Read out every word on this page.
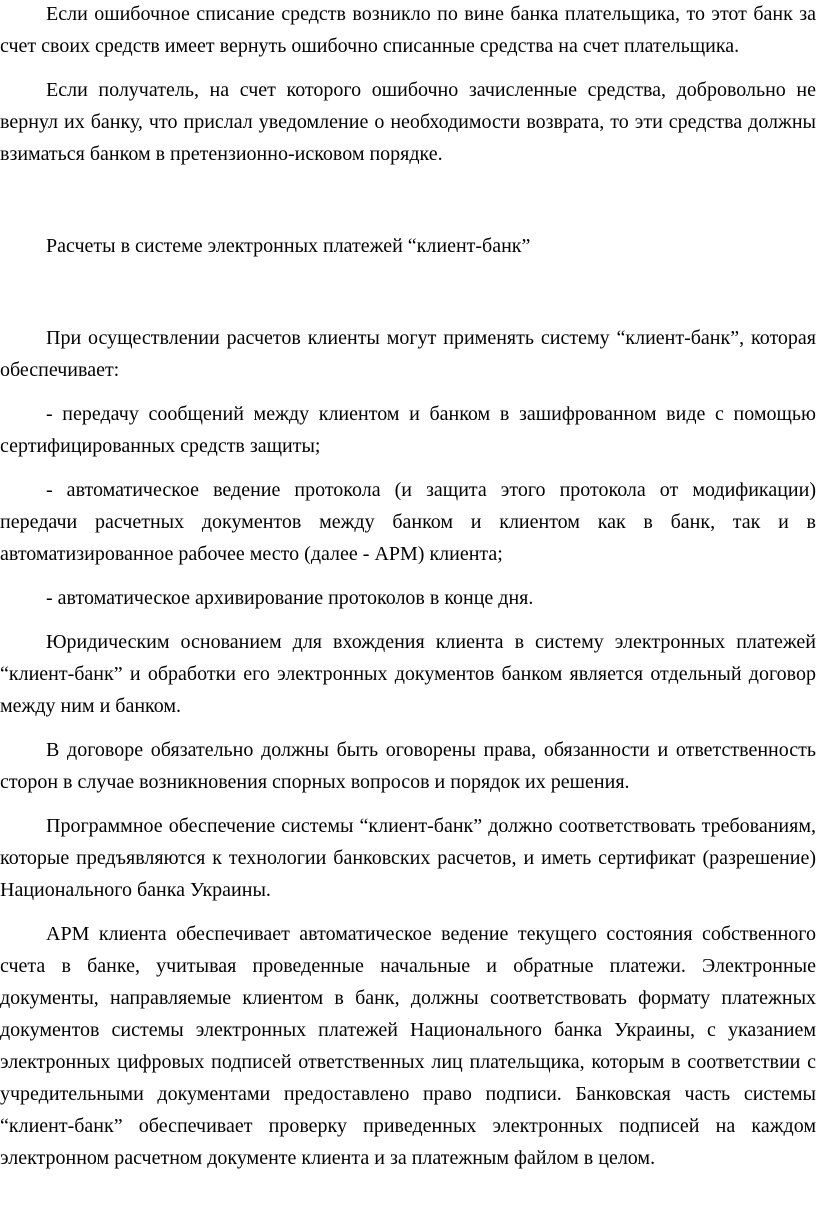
Если ошибочное списание средств возникло по вине банка плательщика, то этот банк за счет своих средств имеет вернуть ошибочно списанные средства на счет плательщика.

Если получатель, на счет которого ошибочно зачисленные средства, добровольно не вернул их банку, что прислал уведомление о необходимости возврата, то эти средства должны взиматься банком в претензионно-исковом порядке.

Расчеты в системе электронных платежей “клиент-банк”

При осуществлении расчетов клиенты могут применять систему “клиент-банк”, которая обеспечивает:

- передачу сообщений между клиентом и банком в зашифрованном виде с помощью сертифицированных средств защиты;

- автоматическое ведение протокола (и защита этого протокола от модификации) передачи расчетных документов между банком и клиентом как в банк, так и в автоматизированное рабочее место (далее - АРМ) клиента;

- автоматическое архивирование протоколов в конце дня.

Юридическим основанием для вхождения клиента в систему электронных платежей “клиент-банк” и обработки его электронных документов банком является отдельный договор между ним и банком.

В договоре обязательно должны быть оговорены права, обязанности и ответственность сторон в случае возникновения спорных вопросов и порядок их решения.

Программное обеспечение системы “клиент-банк” должно соответствовать требованиям, которые предъявляются к технологии банковских расчетов, и иметь сертификат (разрешение) Национального банка Украины.

АРМ клиента обеспечивает автоматическое ведение текущего состояния собственного счета в банке, учитывая проведенные начальные и обратные платежи. Электронные документы, направляемые клиентом в банк, должны соответствовать формату платежных документов системы электронных платежей Национального банка Украины, с указанием электронных цифровых подписей ответственных лиц плательщика, которым в соответствии с учредительными документами предоставлено право подписи. Банковская часть системы “клиент-банк” обеспечивает проверку приведенных электронных подписей на каждом электронном расчетном документе клиента и за платежным файлом в целом.
